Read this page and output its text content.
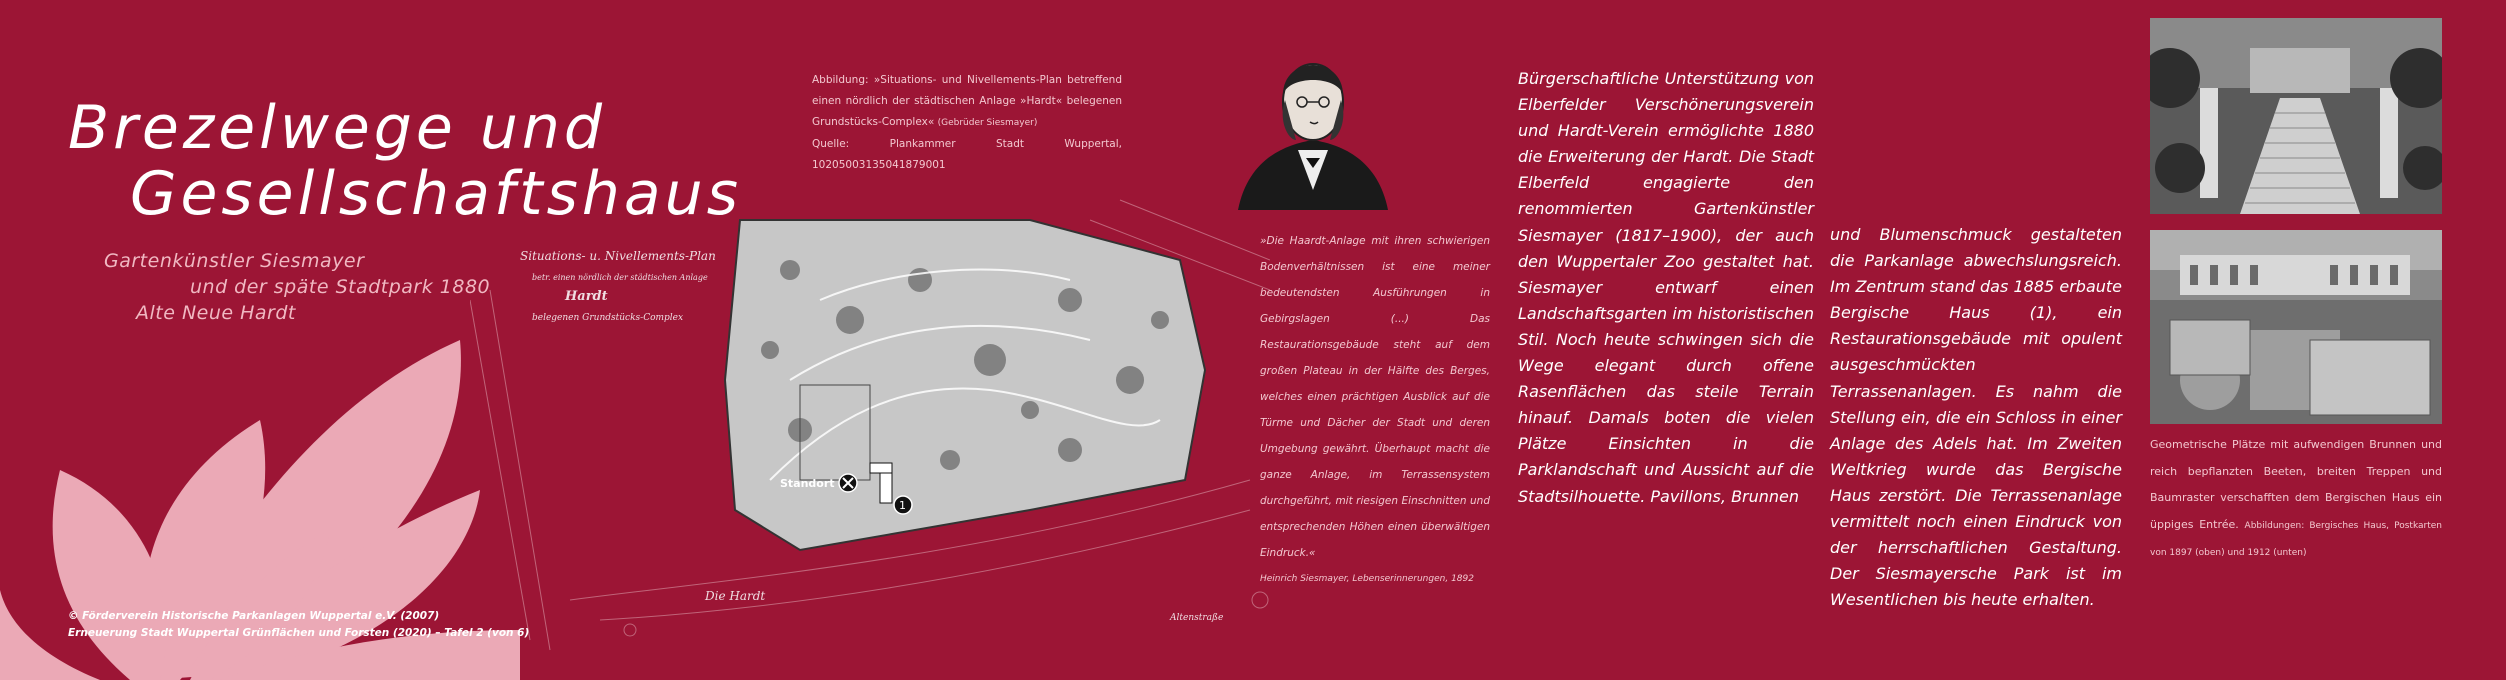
Brezelwege und
Gesellschaftshaus
Gartenkünstler Siesmayer
und der späte Stadtpark 1880
Alte Neue Hardt
Situations- u. Nivellements-Plan
betr. einen nördlich der städtischen Anlage
Hardt
belegenen Grundstücks-Complex
Standort
1
Die Hardt
Altenstraße
Abbildung: »Situations- und Nivellements-Plan betreffend einen nördlich der städtischen Anlage »Hardt« belegenen Grundstücks-Complex« (Gebrüder Siesmayer)
Quelle: Plankammer Stadt Wuppertal, 10205003135041879001
»Die Haardt-Anlage mit ihren schwierigen Bodenverhältnissen ist eine meiner bedeutendsten Ausführungen in Gebirgslagen (...) Das Restaurationsgebäude steht auf dem großen Plateau in der Hälfte des Berges, welches einen prächtigen Ausblick auf die Türme und Dächer der Stadt und deren Umgebung gewährt. Überhaupt macht die ganze Anlage, im Terrassensystem durchgeführt, mit riesigen Einschnitten und entsprechenden Höhen einen überwältigen Eindruck.«
Heinrich Siesmayer, Lebenserinnerungen, 1892
Bürgerschaftliche Unterstützung von Elberfelder Verschönerungsverein und Hardt-Verein ermöglichte 1880 die Erweiterung der Hardt. Die Stadt Elberfeld engagierte den renommierten Gartenkünstler Siesmayer (1817–1900), der auch den Wuppertaler Zoo gestaltet hat. Siesmayer entwarf einen Landschaftsgarten im historistischen Stil. Noch heute schwingen sich die Wege elegant durch offene Rasenflächen das steile Terrain hinauf. Damals boten die vielen Plätze Einsichten in die Parklandschaft und Aussicht auf die Stadtsilhouette. Pavillons, Brunnen
und Blumenschmuck gestalteten die Parkanlage abwechslungsreich. Im Zentrum stand das 1885 erbaute Bergische Haus (1), ein Restaurationsgebäude mit opulent ausgeschmückten Terrassenanlagen. Es nahm die Stellung ein, die ein Schloss in einer Anlage des Adels hat. Im Zweiten Weltkrieg wurde das Bergische Haus zerstört. Die Terrassenanlage vermittelt noch einen Eindruck von der herrschaftlichen Gestaltung. Der Siesmayersche Park ist im Wesentlichen bis heute erhalten.
Geometrische Plätze mit aufwendigen Brunnen und reich bepflanzten Beeten, breiten Treppen und Baumraster verschafften dem Bergischen Haus ein üppiges Entrée. Abbildungen: Bergisches Haus, Postkarten von 1897 (oben) und 1912 (unten)
© Förderverein Historische Parkanlagen Wuppertal e.V. (2007)
Erneuerung Stadt Wuppertal Grünflächen und Forsten (2020) – Tafel 2 (von 6)
